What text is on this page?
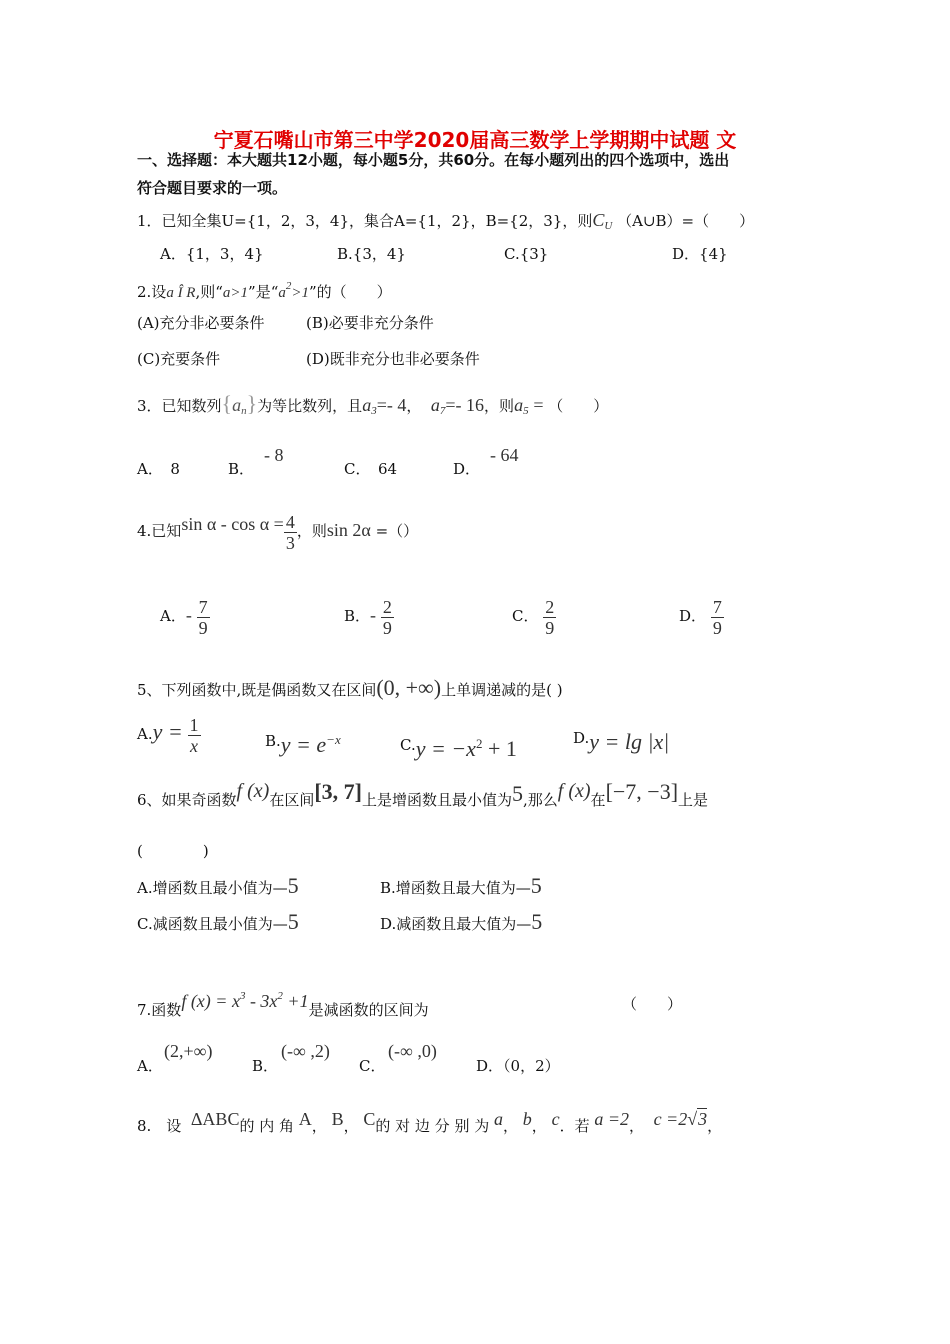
宁夏石嘴山市第三中学2020届高三数学上学期期中试题 文
一、选择题：本大题共12小题，每小题5分，共60分。在每小题列出的四个选项中，选出
符合题目要求的一项。
1．已知全集U={1，2，3，4}，集合A={1，2}，B={2，3}，则$C_U$ （A∪B）=（　　）
A．{1，3，4}	B.{3，4}	C.{3}	D．{4}
2.设a Î R,则“a>1”是“$a^2>1$”的（　　）
(A)充分非必要条件	(B)必要非充分条件
(C)充要条件	(D)既非充分也非必要条件
3．已知数列$\{a_n\}$为等比数列，且$a_3=-$ 4，  $a_7=-$ 16，则$a_5$ = （　　）
A．　8	B．
- 8
C．　64	D．
- 64
4.已知$\sin \alpha - \cos \alpha = \frac{4}{3}$ ，则sin 2α =（）
A．- $\frac{7}{9}$	B．- $\frac{2}{9}$	C． $\frac{2}{9}$	D． $\frac{7}{9}$
5、下列函数中,既是偶函数又在区间(0, +∞)上单调递减的是( )
$A.y = \frac{1}{x}$	B.y = e−x	C.y = −x2 + 1	D.y = lg |x|
6、如果奇函数f (x)在区间[3, 7]上是增函数且最小值为5,那么f (x)在[−7, −3]上是
(　　　　)
A.增函数且最小值为—5	B.增函数且最大值为—5
C.减函数且最小值为—5	D.减函数且最大值为—5
7.函数f $(x) = x^3 - 3x^2 +1$是减函数的区间为	（　　）
A．
(2,+∞)
B．
(-∞ ,2)
C．
(-∞ ,0)
D．（0，2）
8.　设 ΔABC的 内 角 A， B， C的 对 边 分 别 为 a， b， c．若 a =2，  c =2√3，
